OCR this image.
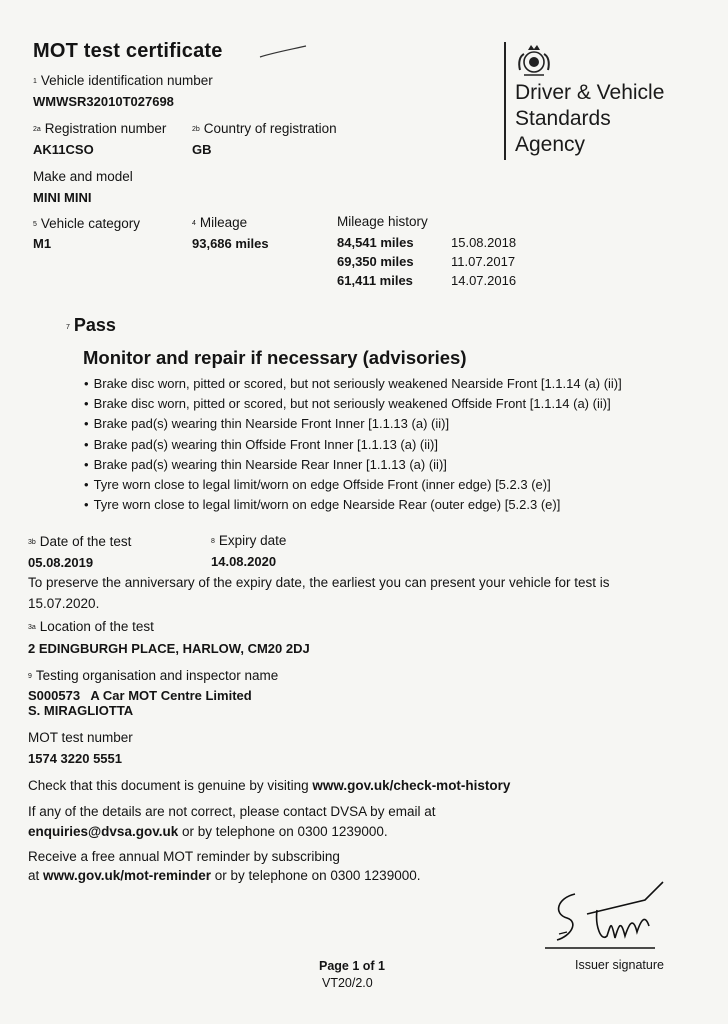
MOT test certificate
1 Vehicle identification number
WMWSR32010T027698
2a Registration number
AK11CSO
2b Country of registration
GB
Make and model
MINI MINI
5 Vehicle category
M1
4 Mileage
93,686 miles
Mileage history
84,541 miles	15.08.2018
69,350 miles	11.07.2017
61,411 miles	14.07.2016
Driver & Vehicle
Standards
Agency
7 Pass
Monitor and repair if necessary (advisories)
• Brake disc worn, pitted or scored, but not seriously weakened Nearside Front [1.1.14 (a) (ii)]
• Brake disc worn, pitted or scored, but not seriously weakened Offside Front [1.1.14 (a) (ii)]
• Brake pad(s) wearing thin Nearside Front Inner [1.1.13 (a) (ii)]
• Brake pad(s) wearing thin Offside Front Inner [1.1.13 (a) (ii)]
• Brake pad(s) wearing thin Nearside Rear Inner [1.1.13 (a) (ii)]
• Tyre worn close to legal limit/worn on edge Offside Front (inner edge) [5.2.3 (e)]
• Tyre worn close to legal limit/worn on edge Nearside Rear (outer edge) [5.2.3 (e)]
3b Date of the test
05.08.2019
8 Expiry date
14.08.2020
To preserve the anniversary of the expiry date, the earliest you can present your vehicle for test is
15.07.2020.
3a Location of the test
2 EDINGBURGH PLACE, HARLOW, CM20 2DJ
9 Testing organisation and inspector name
S000573   A Car MOT Centre Limited
S. MIRAGLIOTTA
MOT test number
1574 3220 5551
Check that this document is genuine by visiting www.gov.uk/check-mot-history
If any of the details are not correct, please contact DVSA by email at
enquiries@dvsa.gov.uk or by telephone on 0300 1239000.
Receive a free annual MOT reminder by subscribing
at www.gov.uk/mot-reminder or by telephone on 0300 1239000.
Issuer signature
Page 1 of 1
VT20/2.0
